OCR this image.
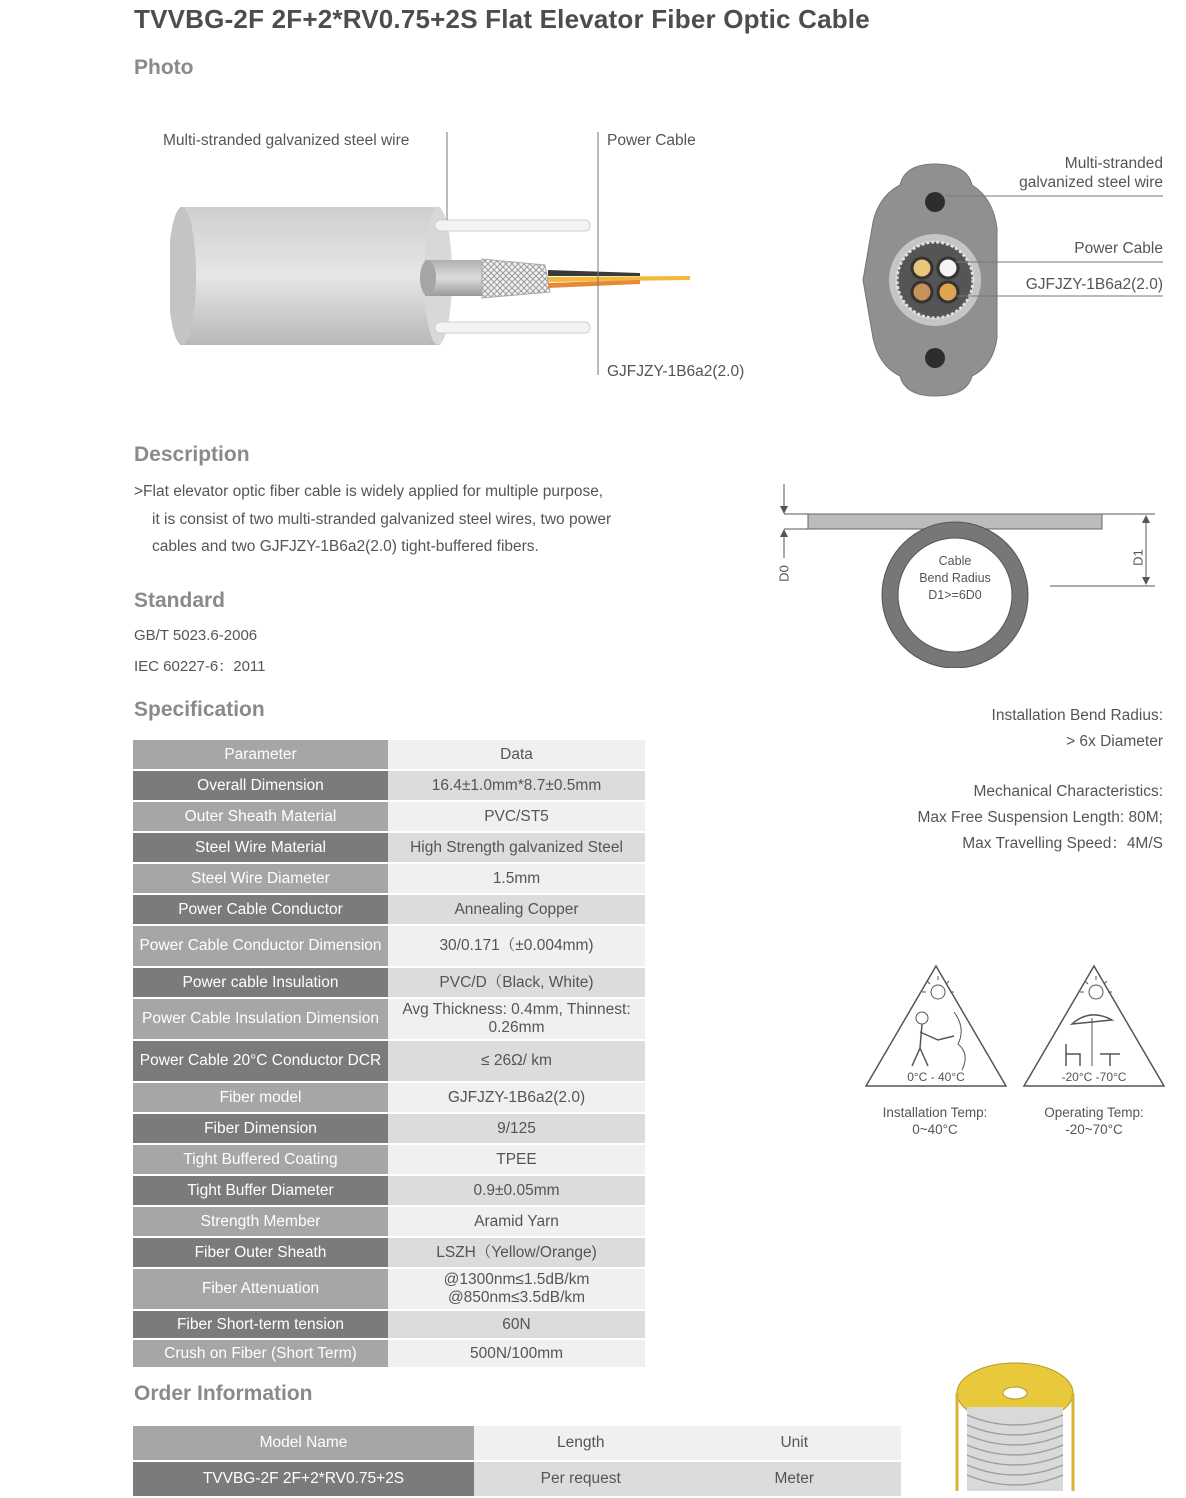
TVVBG-2F 2F+2*RV0.75+2S Flat Elevator Fiber Optic Cable
Photo
Multi-stranded galvanized steel wire	Power Cable
GJFJZY-1B6a2(2.0)
Multi-stranded
galvanized steel wire
Power Cable
GJFJZY-1B6a2(2.0)
Description

>Flat elevator optic fiber cable is widely applied for multiple purpose,

it is consist of two multi-stranded galvanized steel wires, two power

cables and two GJFJZY-1B6a2(2.0) tight-buffered fibers.

D0
D1
Cable
Bend Radius
D1>=6D0
Standard
GB/T 5023.6-2006
IEC 60227-6：2011
Specification	Installation Bend Radius:
> 6x Diameter
Mechanical Characteristics:
Max Free Suspension Length: 80M;
Max Travelling Speed：4M/S
Parameter	Data
Overall Dimension	16.4±1.0mm*8.7±0.5mm
Outer Sheath Material	PVC/ST5
Steel Wire Material	High Strength galvanized Steel
Steel Wire Diameter	1.5mm
Power Cable Conductor	Annealing Copper
Power Cable Conductor Dimension	30/0.171（±0.004mm)
Power cable Insulation	PVC/D（Black, White)
Power Cable Insulation Dimension	Avg Thickness: 0.4mm, Thinnest: 0.26mm
Power Cable 20°C Conductor DCR	≤ 26Ω/ km
Fiber model	GJFJZY-1B6a2(2.0)
Fiber Dimension	9/125
Tight Buffered Coating	TPEE
Tight Buffer Diameter	0.9±0.05mm
Strength Member	Aramid Yarn
Fiber Outer Sheath	LSZH（Yellow/Orange)
Fiber Attenuation	@1300nm≤1.5dB/km @850nm≤3.5dB/km
Fiber Short-term tension	60N
Crush on Fiber (Short Term)	500N/100mm
0°C - 40°C
Installation Temp:
0~40°C
-20°C -70°C
Operating Temp:
-20~70°C
Order Information
Model Name	Length	Unit
TVVBG-2F 2F+2*RV0.75+2S	Per request	Meter
